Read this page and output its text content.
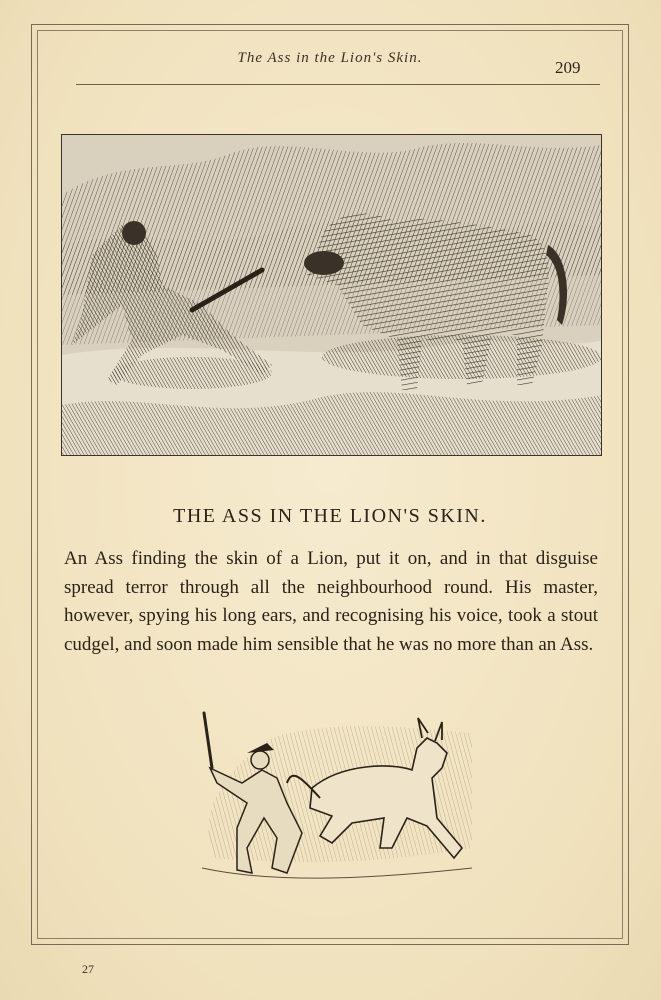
The Ass in the Lion's Skin.	209
THE ASS IN THE LION'S SKIN.
An Ass finding the skin of a Lion, put it on, and in that disguise spread terror through all the neighbourhood round. His master, however, spying his long ears, and recognising his voice, took a stout cudgel, and soon made him sensible that he was no more than an Ass.
27
